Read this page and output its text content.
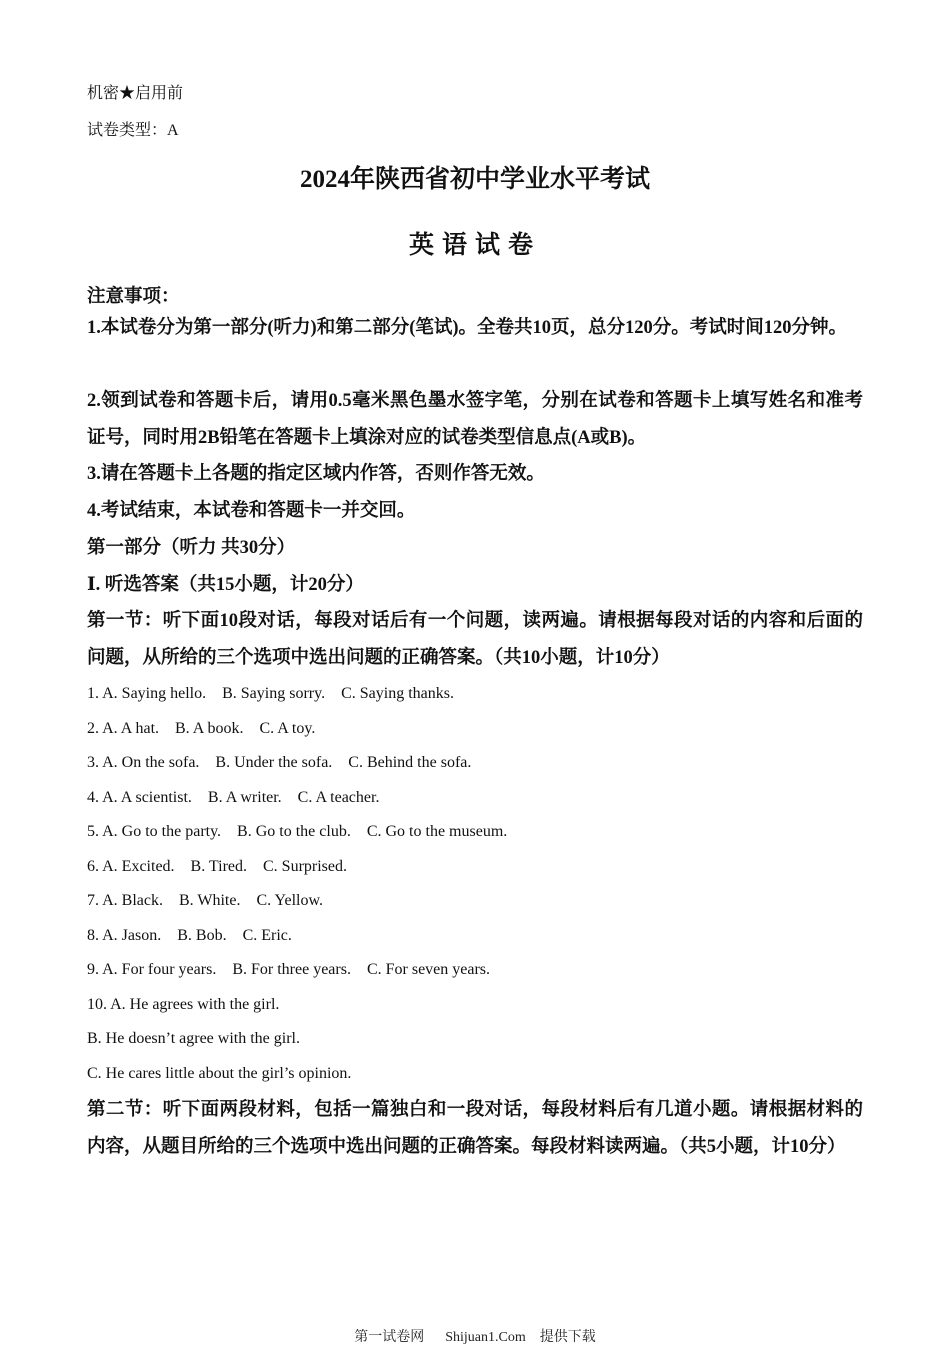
机密★启用前
试卷类型：A
2024年陕西省初中学业水平考试
英语试卷
注意事项：
1.本试卷分为第一部分(听力)和第二部分(笔试)。全卷共10页，总分120分。考试时间120分钟。
2.领到试卷和答题卡后，请用0.5毫米黑色墨水签字笔，分别在试卷和答题卡上填写姓名和准考证号，同时用2B铅笔在答题卡上填涂对应的试卷类型信息点(A或B)。
3.请在答题卡上各题的指定区域内作答，否则作答无效。
4.考试结束，本试卷和答题卡一并交回。
第一部分（听力 共30分）
Ⅰ. 听选答案（共15小题，计20分）
第一节：听下面10段对话，每段对话后有一个问题，读两遍。请根据每段对话的内容和后面的问题，从所给的三个选项中选出问题的正确答案。（共10小题，计10分）
1. A. Saying hello.    B. Saying sorry.    C. Saying thanks.
2. A. A hat.    B. A book.    C. A toy.
3. A. On the sofa.    B. Under the sofa.    C. Behind the sofa.
4. A. A scientist.    B. A writer.    C. A teacher.
5. A. Go to the party.    B. Go to the club.    C. Go to the museum.
6. A. Excited.    B. Tired.    C. Surprised.
7. A. Black.    B. White.    C. Yellow.
8. A. Jason.    B. Bob.    C. Eric.
9. A. For four years.    B. For three years.    C. For seven years.
10. A. He agrees with the girl.
B. He doesn’t agree with the girl.
C. He cares little about the girl’s opinion.
第二节：听下面两段材料，包括一篇独白和一段对话，每段材料后有几道小题。请根据材料的内容，从题目所给的三个选项中选出问题的正确答案。每段材料读两遍。（共5小题，计10分）
第一试卷网      Shijuan1.Com    提供下载
